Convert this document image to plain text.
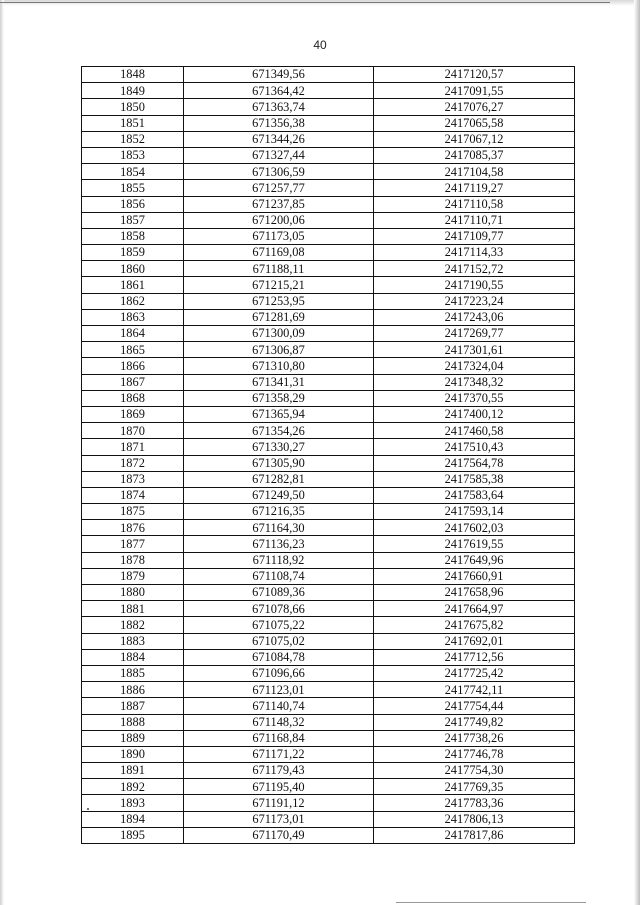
40
1848	671349,56	2417120,57
1849	671364,42	2417091,55
1850	671363,74	2417076,27
1851	671356,38	2417065,58
1852	671344,26	2417067,12
1853	671327,44	2417085,37
1854	671306,59	2417104,58
1855	671257,77	2417119,27
1856	671237,85	2417110,58
1857	671200,06	2417110,71
1858	671173,05	2417109,77
1859	671169,08	2417114,33
1860	671188,11	2417152,72
1861	671215,21	2417190,55
1862	671253,95	2417223,24
1863	671281,69	2417243,06
1864	671300,09	2417269,77
1865	671306,87	2417301,61
1866	671310,80	2417324,04
1867	671341,31	2417348,32
1868	671358,29	2417370,55
1869	671365,94	2417400,12
1870	671354,26	2417460,58
1871	671330,27	2417510,43
1872	671305,90	2417564,78
1873	671282,81	2417585,38
1874	671249,50	2417583,64
1875	671216,35	2417593,14
1876	671164,30	2417602,03
1877	671136,23	2417619,55
1878	671118,92	2417649,96
1879	671108,74	2417660,91
1880	671089,36	2417658,96
1881	671078,66	2417664,97
1882	671075,22	2417675,82
1883	671075,02	2417692,01
1884	671084,78	2417712,56
1885	671096,66	2417725,42
1886	671123,01	2417742,11
1887	671140,74	2417754,44
1888	671148,32	2417749,82
1889	671168,84	2417738,26
1890	671171,22	2417746,78
1891	671179,43	2417754,30
1892	671195,40	2417769,35
1893	671191,12	2417783,36
1894	671173,01	2417806,13
1895	671170,49	2417817,86
